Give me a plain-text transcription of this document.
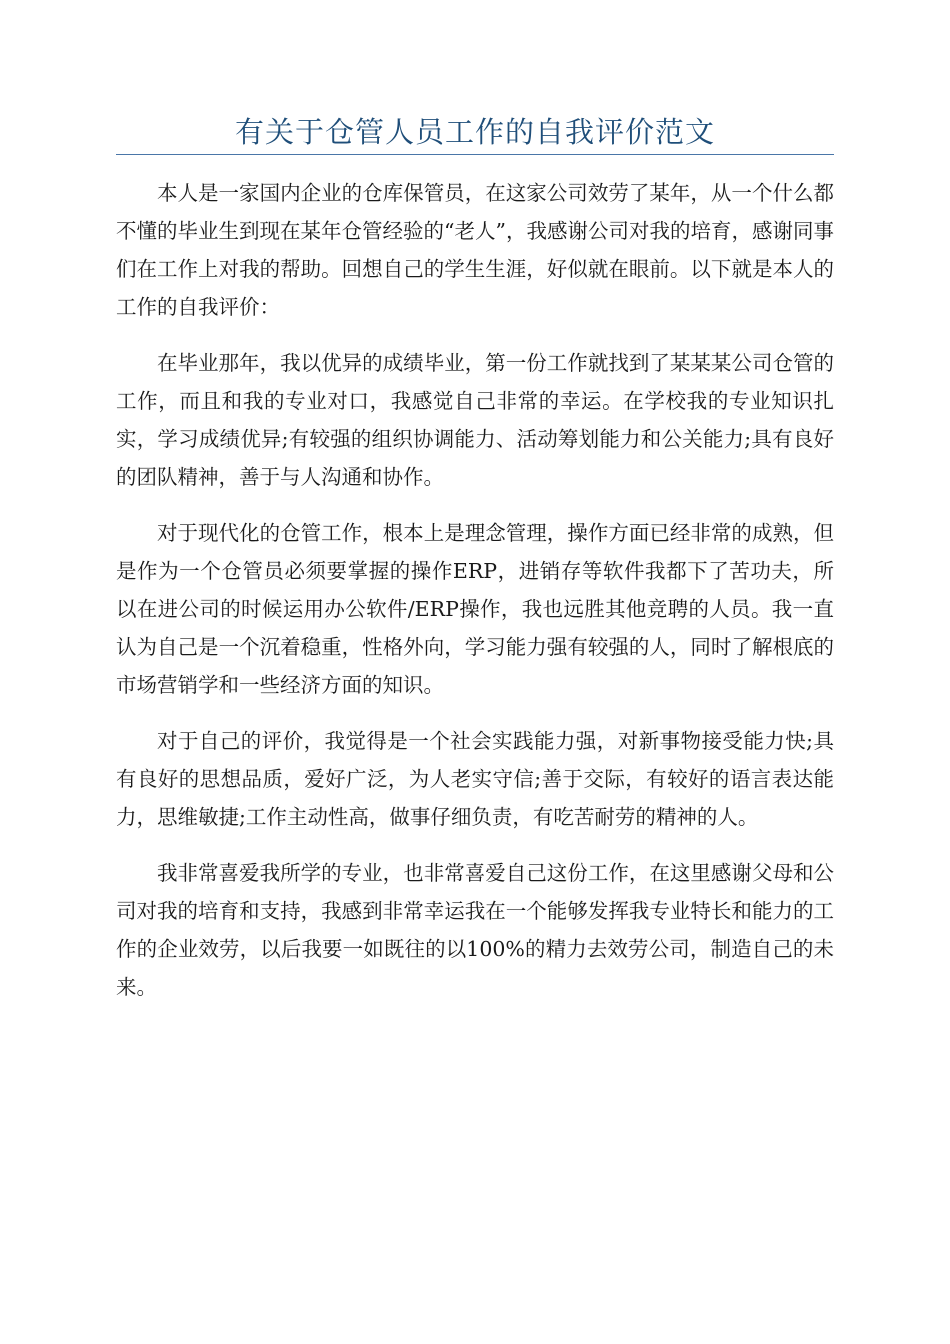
有关于仓管人员工作的自我评价范文

本人是一家国内企业的仓库保管员，在这家公司效劳了某年，从一个什么都不懂的毕业生到现在某年仓管经验的“老人”，我感谢公司对我的培育，感谢同事们在工作上对我的帮助。回想自己的学生生涯，好似就在眼前。以下就是本人的工作的自我评价：

在毕业那年，我以优异的成绩毕业，第一份工作就找到了某某某公司仓管的工作，而且和我的专业对口，我感觉自己非常的幸运。在学校我的专业知识扎实，学习成绩优异;有较强的组织协调能力、活动筹划能力和公关能力;具有良好的团队精神，善于与人沟通和协作。

对于现代化的仓管工作，根本上是理念管理，操作方面已经非常的成熟，但是作为一个仓管员必须要掌握的操作ERP，进销存等软件我都下了苦功夫，所以在进公司的时候运用办公软件/ERP操作，我也远胜其他竞聘的人员。我一直认为自己是一个沉着稳重，性格外向，学习能力强有较强的人，同时了解根底的市场营销学和一些经济方面的知识。

对于自己的评价，我觉得是一个社会实践能力强，对新事物接受能力快;具有良好的思想品质，爱好广泛，为人老实守信;善于交际，有较好的语言表达能力，思维敏捷;工作主动性高，做事仔细负责，有吃苦耐劳的精神的人。

我非常喜爱我所学的专业，也非常喜爱自己这份工作，在这里感谢父母和公司对我的培育和支持，我感到非常幸运我在一个能够发挥我专业特长和能力的工作的企业效劳，以后我要一如既往的以100%的精力去效劳公司，制造自己的未来。
